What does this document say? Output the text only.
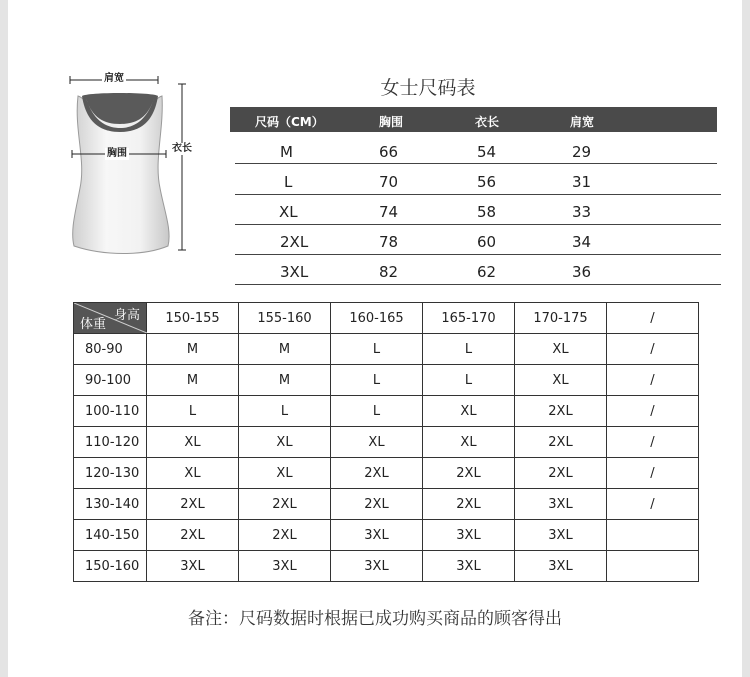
肩宽
胸围	衣长
女士尺码表
尺码（CM）	胸围	衣长	肩宽
M	66	54	29
L	70	56	31
XL	74	58	33
2XL	78	60	34
3XL	82	62	36
身高
体重	150-155	155-160	160-165	165-170	170-175	/
80-90	M	M	L	L	XL	/
90-100	M	M	L	L	XL	/
100-110	L	L	L	XL	2XL	/
110-120	XL	XL	XL	XL	2XL	/
120-130	XL	XL	2XL	2XL	2XL	/
130-140	2XL	2XL	2XL	2XL	3XL	/
140-150	2XL	2XL	3XL	3XL	3XL	
150-160	3XL	3XL	3XL	3XL	3XL	
备注：尺码数据时根据已成功购买商品的顾客得出
